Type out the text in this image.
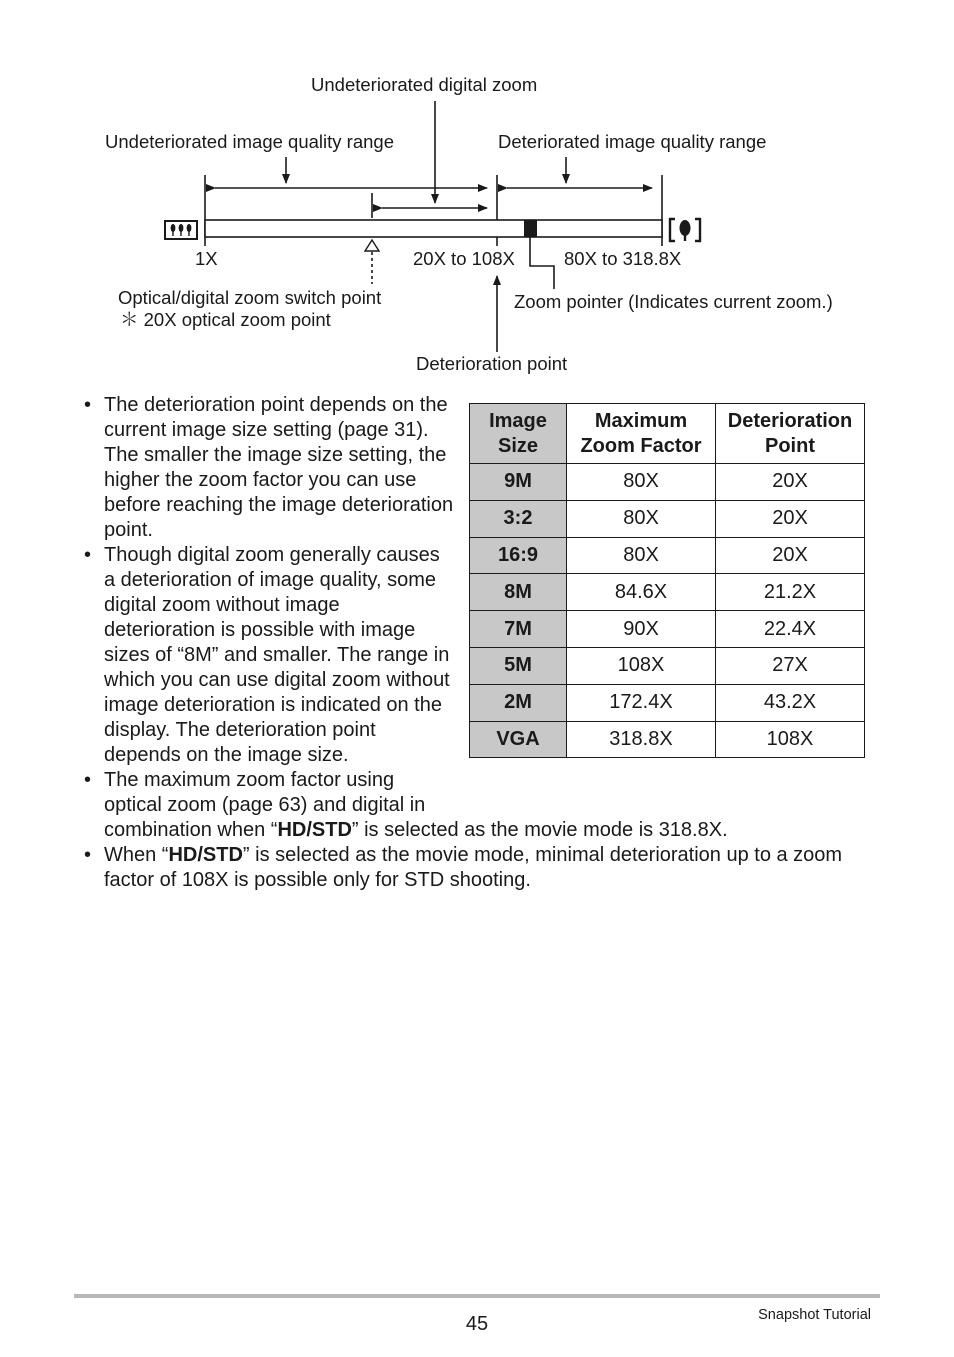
Undeteriorated digital zoom
Undeteriorated image quality range	Deteriorated image quality range
1X	20X to 108X	80X to 318.8X
Optical/digital zoom switch point
＊ 20X optical zoom point
Zoom pointer (Indicates current zoom.)
Deterioration point
• The deterioration point depends on the current image size setting (page 31). The smaller the image size setting, the higher the zoom factor you can use before reaching the image deterioration point.
• Though digital zoom generally causes a deterioration of image quality, some digital zoom without image deterioration is possible with image sizes of “8M” and smaller. The range in which you can use digital zoom without image deterioration is indicated on the display. The deterioration point depends on the image size.
• The maximum zoom factor using optical zoom (page 63) and digital in
combination when “HD/STD” is selected as the movie mode is 318.8X.
• When “HD/STD” is selected as the movie mode, minimal deterioration up to a zoom factor of 108X is possible only for STD shooting.
Image Size	Maximum Zoom Factor	Deterioration Point
9M	80X	20X
3:2	80X	20X
16:9	80X	20X
8M	84.6X	21.2X
7M	90X	22.4X
5M	108X	27X
2M	172.4X	43.2X
VGA	318.8X	108X
45	Snapshot Tutorial
